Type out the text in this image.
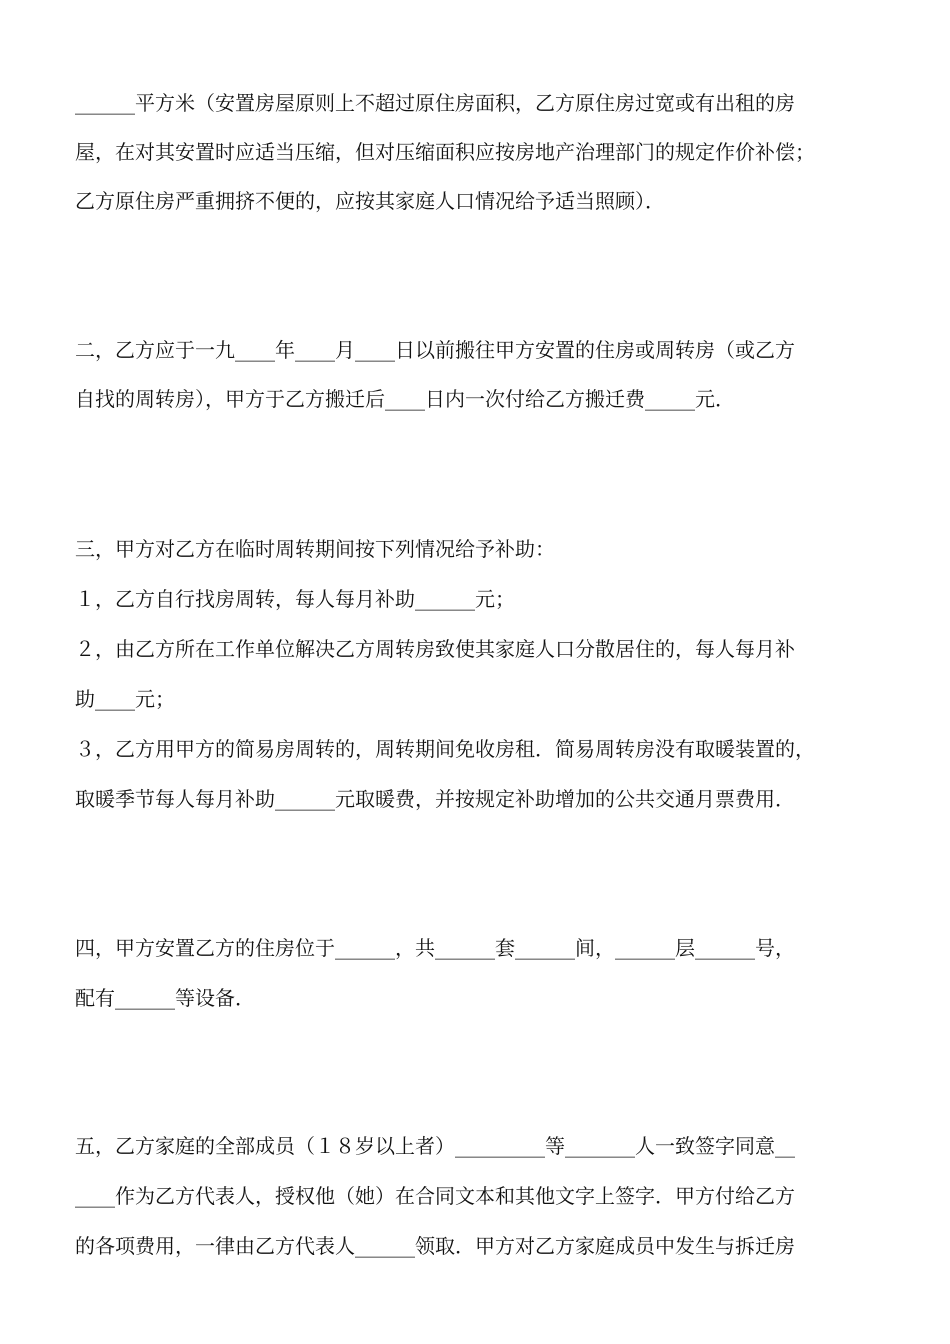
______平方米（安置房屋原则上不超过原住房面积，乙方原住房过宽或有出租的房
屋，在对其安置时应适当压缩，但对压缩面积应按房地产治理部门的规定作价补偿；
乙方原住房严重拥挤不便的，应按其家庭人口情况给予适当照顾）．
二，乙方应于一九____年____月____日以前搬往甲方安置的住房或周转房（或乙方
自找的周转房），甲方于乙方搬迁后____日内一次付给乙方搬迁费_____元．
三，甲方对乙方在临时周转期间按下列情况给予补助：
１，乙方自行找房周转，每人每月补助______元；
２，由乙方所在工作单位解决乙方周转房致使其家庭人口分散居住的，每人每月补
助____元；
３，乙方用甲方的简易房周转的，周转期间免收房租．简易周转房没有取暖装置的，
取暖季节每人每月补助______元取暖费，并按规定补助增加的公共交通月票费用．
四，甲方安置乙方的住房位于______，共______套______间，______层______号，
配有______等设备．
五，乙方家庭的全部成员（１８岁以上者）_________等_______人一致签字同意__
____作为乙方代表人，授权他（她）在合同文本和其他文字上签字．甲方付给乙方
的各项费用，一律由乙方代表人______领取．甲方对乙方家庭成员中发生与拆迁房
